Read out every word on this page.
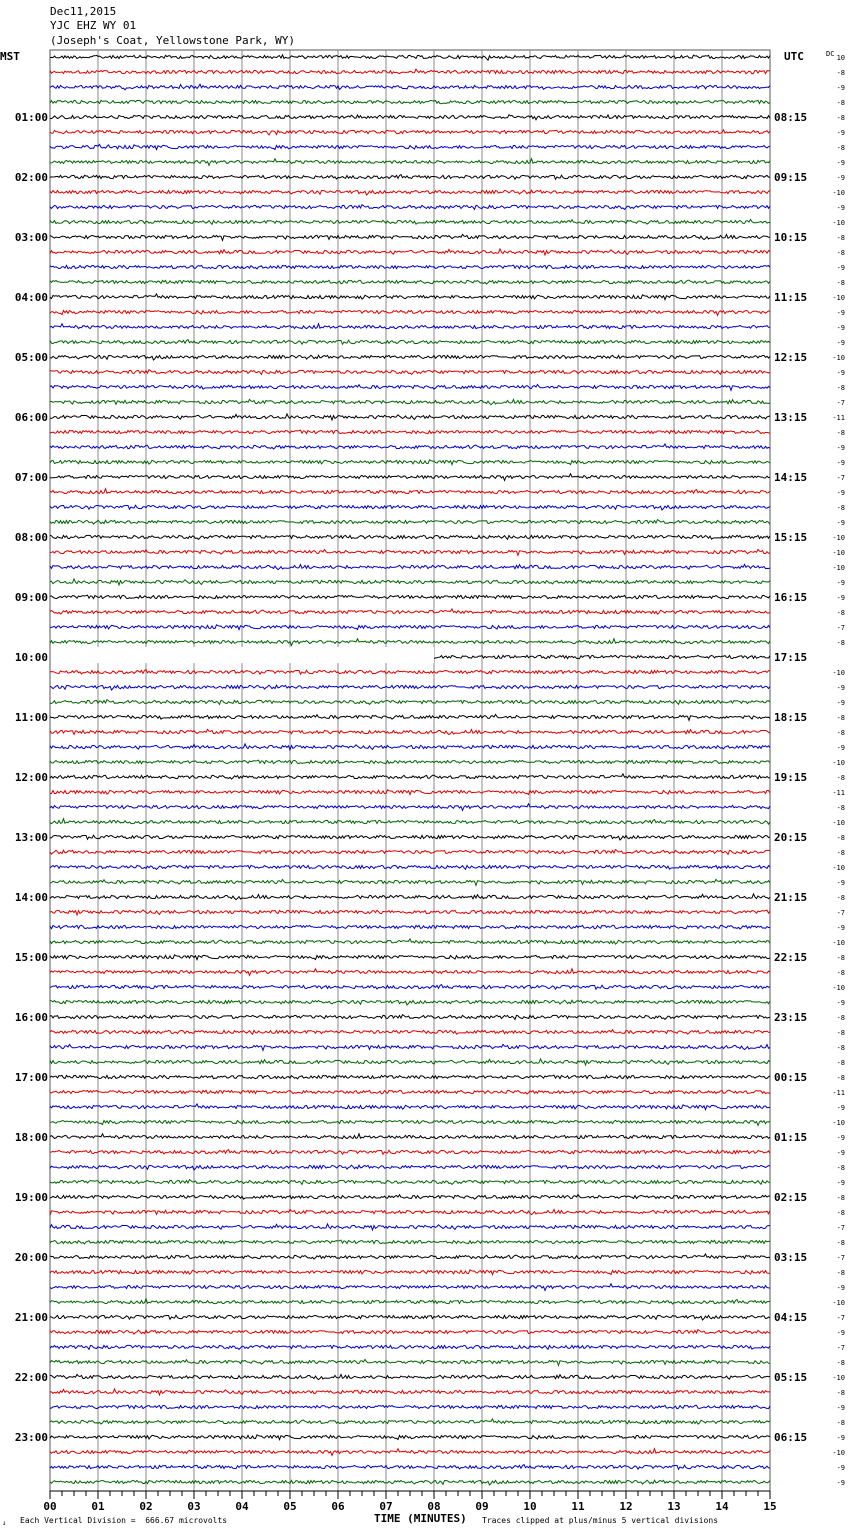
Dec11,2015
YJC EHZ WY 01
(Joseph's Coat, Yellowstone Park, WY)
MST	UTC	DC
01:00
02:00
03:00
04:00
05:00
06:00
07:00
08:00
09:00
10:00
11:00
12:00
13:00
14:00
15:00
16:00
17:00
18:00
19:00
20:00
21:00
22:00
23:00
08:15
09:15
10:15
11:15
12:15
13:15
14:15
15:15
16:15
17:15
18:15
19:15
20:15
21:15
22:15
23:15
00:15
01:15
02:15
03:15
04:15
05:15
06:15
10
-8
-9
-8
-8
-9
-8
-9
-9
-10
-9
-10
-8
-8
-9
-8
-10
-9
-9
-9
-10
-9
-8
-7
-11
-8
-9
-9
-7
-9
-8
-9
-10
-10
-10
-9
-9
-8
-7
-8
-10
-9
-9
-8
-8
-9
-10
-8
-11
-8
-10
-8
-8
-10
-9
-8
-7
-9
-10
-8
-8
-10
-9
-8
-8
-8
-8
-8
-11
-9
-10
-9
-9
-8
-9
-8
-8
-7
-8
-7
-8
-9
-10
-7
-9
-7
-8
-10
-8
-9
-8
-9
-10
-9
-9
00	01	02	03	04	05	06	07	08	09	10	11	12	13	14	15
↓ Each Vertical Division =  666.67 microvolts	TIME (MINUTES) Traces clipped at plus/minus 5 vertical divisions
